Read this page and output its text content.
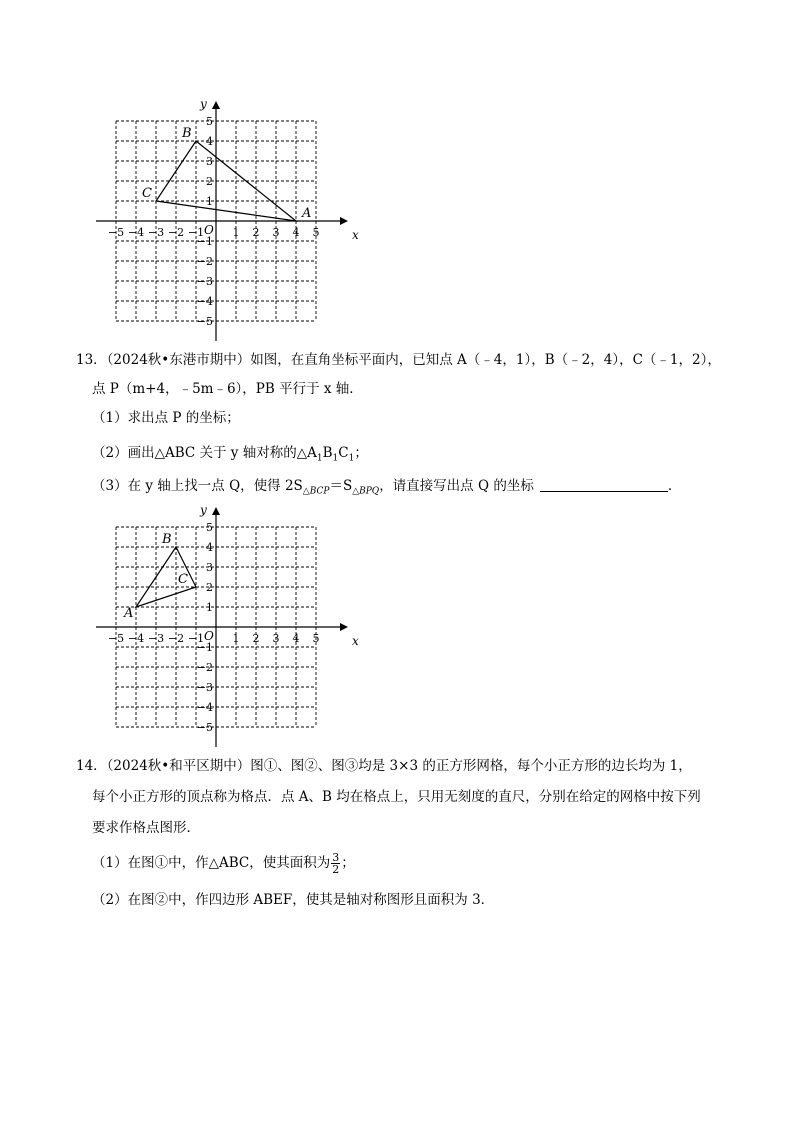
−5 −4 −3 −2 −1	1 2 3 4 5
5
4
3
2
1
−1
−2
−3
−4
−5
x
y
O
B
C
A
13．（2024秋•东港市期中）如图，在直角坐标平面内，已知点 A（﹣4，1），B（﹣2，4），C（﹣1，2），
点 P（m+4，﹣5m﹣6），PB 平行于 x 轴．
（1）求出点 P 的坐标；
（2）画出△ABC 关于 y 轴对称的$\triangle A_1B_1C_1$；
（3）在 y 轴上找一点 Q，使得 $2S_{\triangle BCP}=S_{\triangle BPQ}$，请直接写出点 Q 的坐标	．
−5 −4 −3 −2 −1	1 2 3 4 5
5
4
3
2
1
−1
−2
−3
−4
−5
x
y
O
B
C
A
14．（2024秋•和平区期中）图①、图②、图③均是 3×3 的正方形网格，每个小正方形的边长均为 1，
每个小正方形的顶点称为格点．点 A、B 均在格点上，只用无刻度的直尺，分别在给定的网格中按下列
要求作格点图形．
（1）在图①中，作△ABC，使其面积为 $\frac{3}{2}$ ；
（2）在图②中，作四边形 ABEF，使其是轴对称图形且面积为 3．
